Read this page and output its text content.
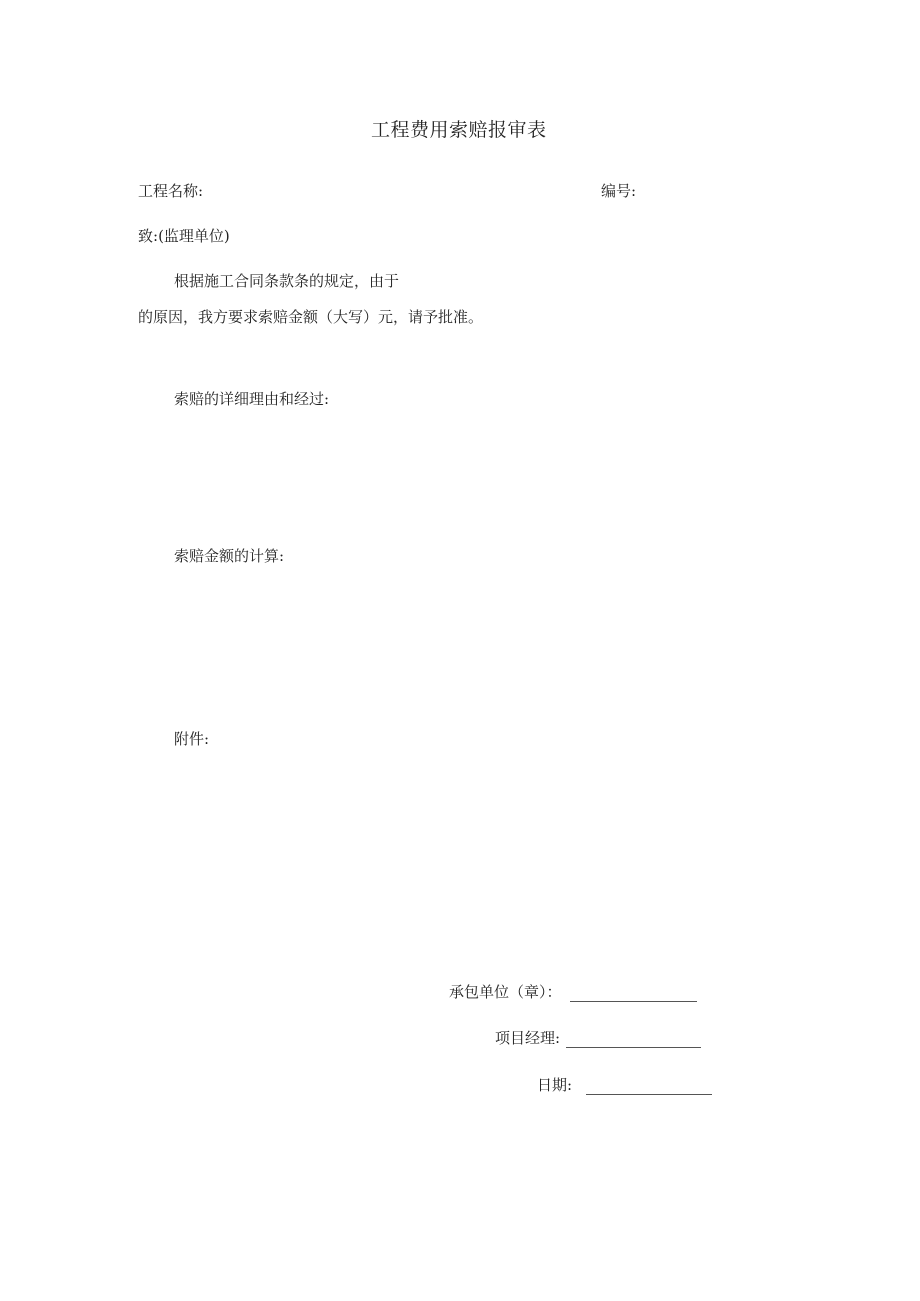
工程费用索赔报审表
工程名称:	编号:
致:(监理单位)
根据施工合同条款条的规定，由于
的原因，我方要求索赔金额（大写）元，请予批准。
索赔的详细理由和经过:
索赔金额的计算:
附件:
承包单位（章）：
项目经理:
日期:
